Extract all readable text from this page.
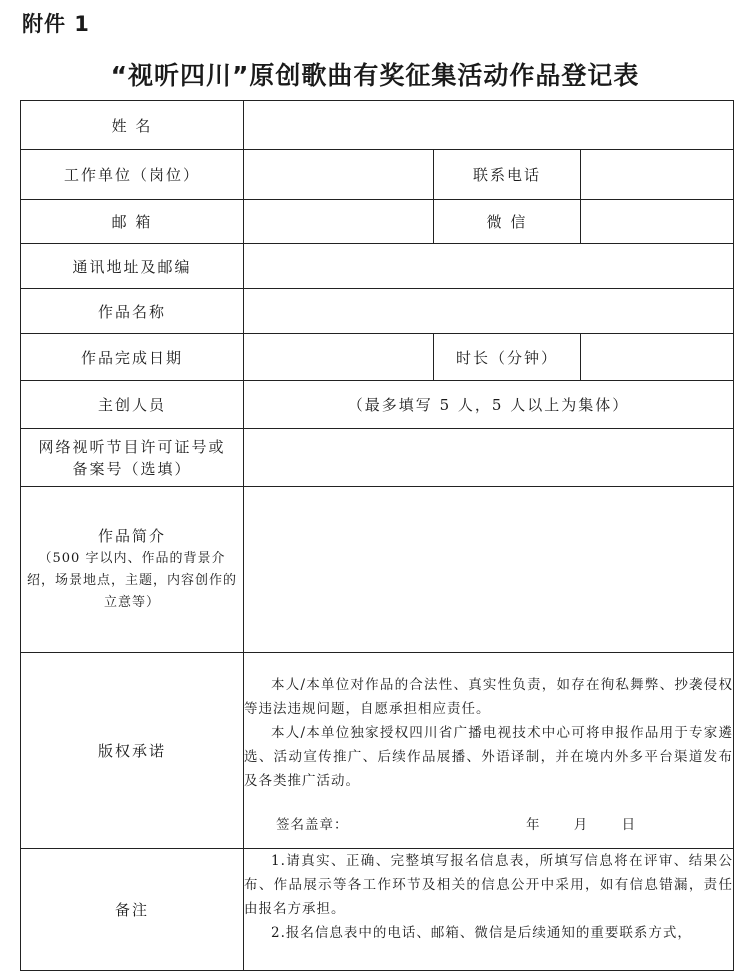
附件 1
“视听四川”原创歌曲有奖征集活动作品登记表
姓 名			
工作单位（岗位）		联系电话	
邮 箱		微 信	
通讯地址及邮编			
作品名称			
作品完成日期		时长（分钟）	
主创人员	（最多填写 5 人，5 人以上为集体）		
网络视听节目许可证号或备案号（选填）			

作品简介
（500 字以内、作品的背景介绍，场景地点，主题，内容创作的立意等）			

版权承诺	本人/本单位对作品的合法性、真实性负责，如存在徇私舞弊、抄袭侵权等违法违规问题，自愿承担相应责任。

本人/本单位独家授权四川省广播电视技术中心可将申报作品用于专家遴选、活动宣传推广、后续作品展播、外语译制，并在境内外多平台渠道发布及各类推广活动。

签名盖章： 年 月 日		

备注	1.请真实、正确、完整填写报名信息表，所填写信息将在评审、结果公布、作品展示等各工作环节及相关的信息公开中采用，如有信息错漏，责任由报名方承担。

2.报名信息表中的电话、邮箱、微信是后续通知的重要联系方式，		
